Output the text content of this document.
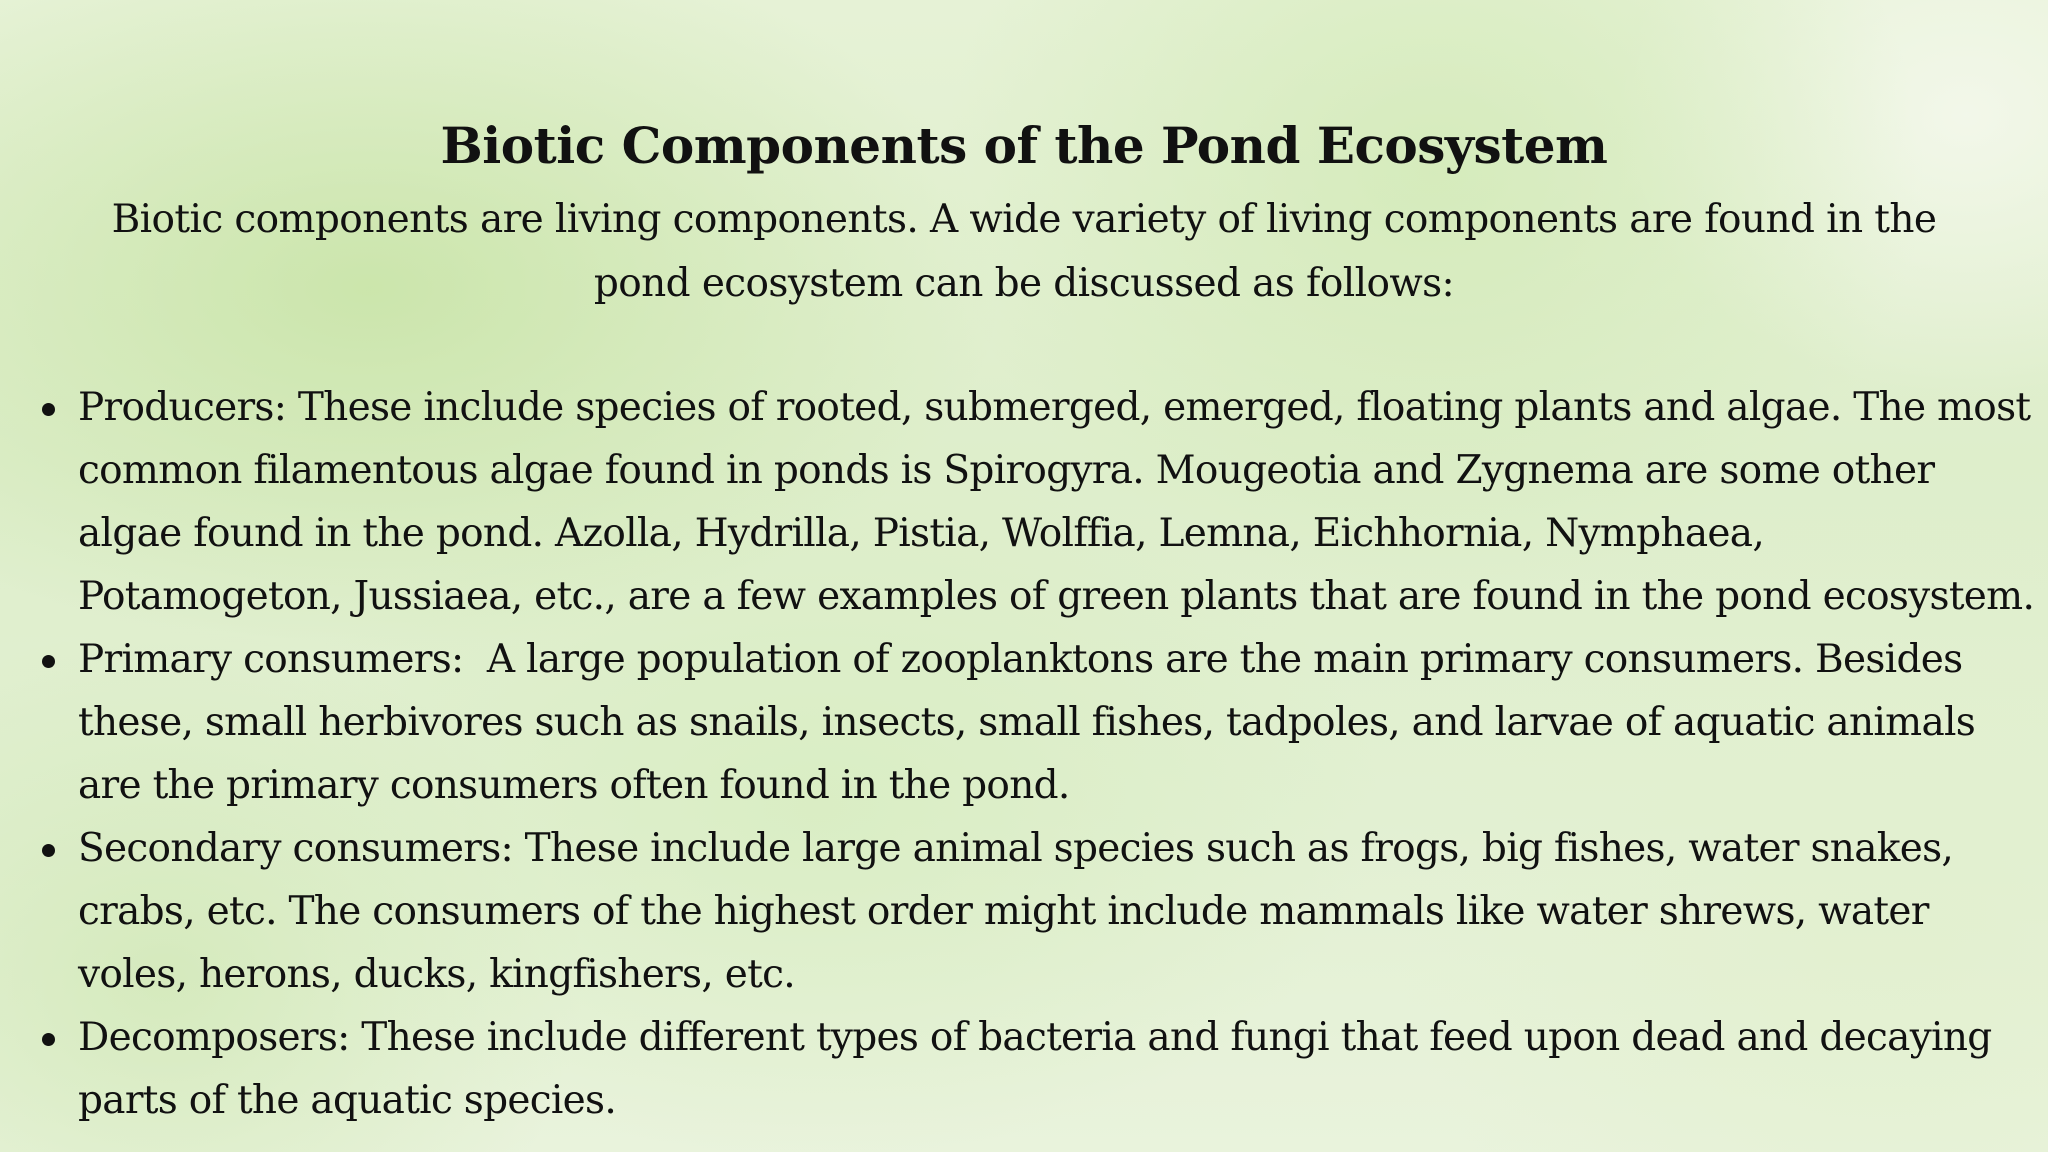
Biotic Components of the Pond Ecosystem

Biotic components are living components. A wide variety of living components are found in the pond ecosystem can be discussed as follows:

Producers: These include species of rooted, submerged, emerged, floating plants and algae. The most common filamentous algae found in ponds is Spirogyra. Mougeotia and Zygnema are some other algae found in the pond. Azolla, Hydrilla, Pistia, Wolffia, Lemna, Eichhornia, Nymphaea, Potamogeton, Jussiaea, etc., are a few examples of green plants that are found in the pond ecosystem.
Primary consumers:  A large population of zooplanktons are the main primary consumers. Besides these, small herbivores such as snails, insects, small fishes, tadpoles, and larvae of aquatic animals are the primary consumers often found in the pond.
Secondary consumers: These include large animal species such as frogs, big fishes, water snakes, crabs, etc. The consumers of the highest order might include mammals like water shrews, water voles, herons, ducks, kingfishers, etc.
Decomposers: These include different types of bacteria and fungi that feed upon dead and decaying parts of the aquatic species.
